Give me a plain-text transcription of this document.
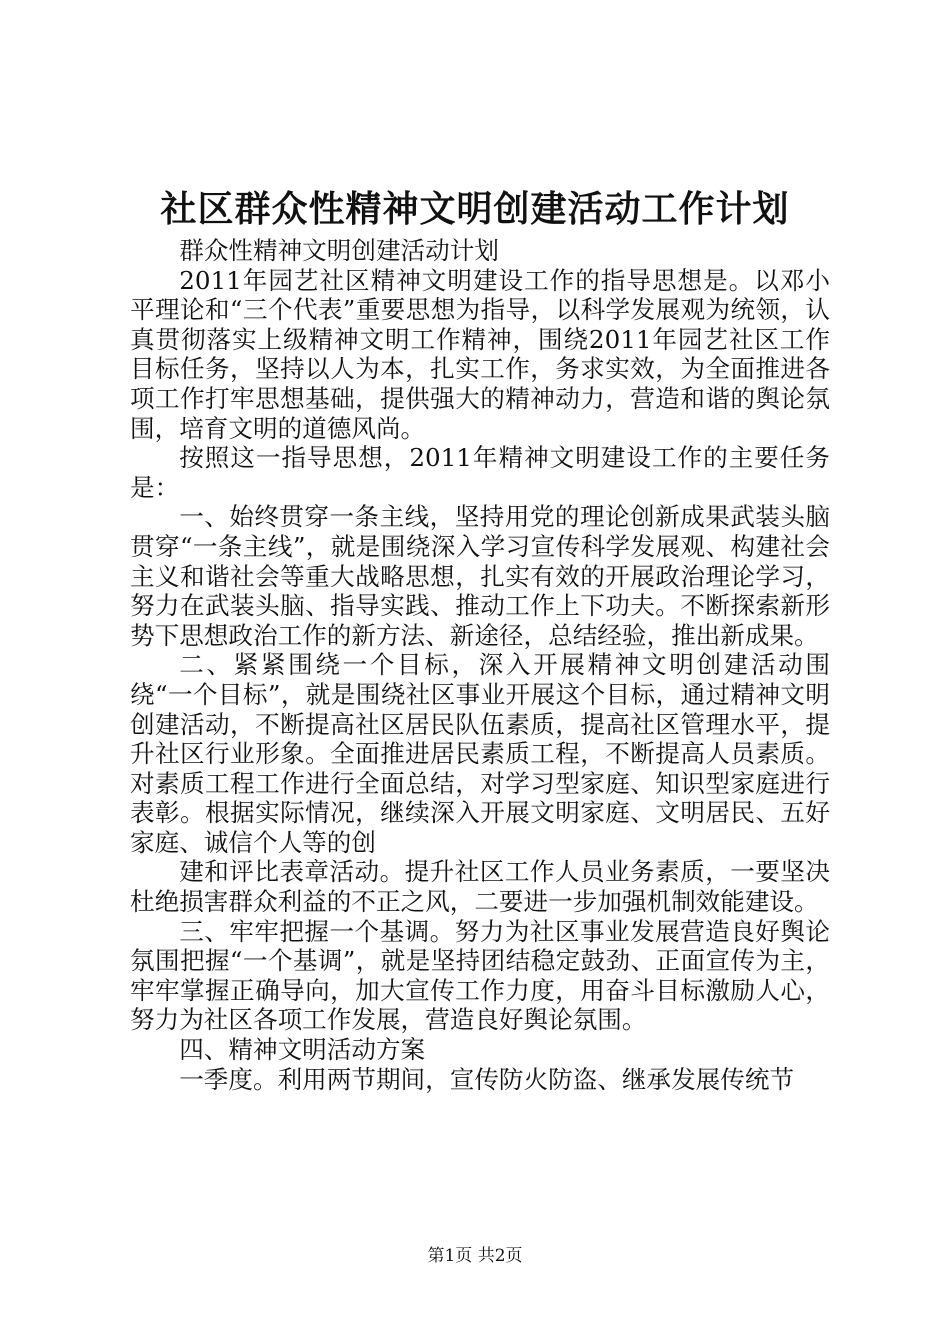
社区群众性精神文明创建活动工作计划

群众性精神文明创建活动计划

2011年园艺社区精神文明建设工作的指导思想是。以邓小平理论和“三个代表”重要思想为指导，以科学发展观为统领，认真贯彻落实上级精神文明工作精神，围绕2011年园艺社区工作目标任务，坚持以人为本，扎实工作，务求实效，为全面推进各项工作打牢思想基础，提供强大的精神动力，营造和谐的舆论氛围，培育文明的道德风尚。

按照这一指导思想，2011年精神文明建设工作的主要任务是：

一、始终贯穿一条主线，坚持用党的理论创新成果武装头脑贯穿“一条主线”，就是围绕深入学习宣传科学发展观、构建社会主义和谐社会等重大战略思想，扎实有效的开展政治理论学习，努力在武装头脑、指导实践、推动工作上下功夫。不断探索新形势下思想政治工作的新方法、新途径，总结经验，推出新成果。

二、紧紧围绕一个目标，深入开展精神文明创建活动围绕“一个目标”，就是围绕社区事业开展这个目标，通过精神文明创建活动，不断提高社区居民队伍素质，提高社区管理水平，提升社区行业形象。全面推进居民素质工程，不断提高人员素质。对素质工程工作进行全面总结，对学习型家庭、知识型家庭进行表彰。根据实际情况，继续深入开展文明家庭、文明居民、五好家庭、诚信个人等的创

建和评比表章活动。提升社区工作人员业务素质，一要坚决杜绝损害群众利益的不正之风，二要进一步加强机制效能建设。

三、牢牢把握一个基调。努力为社区事业发展营造良好舆论氛围把握“一个基调”，就是坚持团结稳定鼓劲、正面宣传为主，牢牢掌握正确导向，加大宣传工作力度，用奋斗目标激励人心，努力为社区各项工作发展，营造良好舆论氛围。

四、精神文明活动方案

一季度。利用两节期间，宣传防火防盗、继承发展传统节

第1页 共2页
